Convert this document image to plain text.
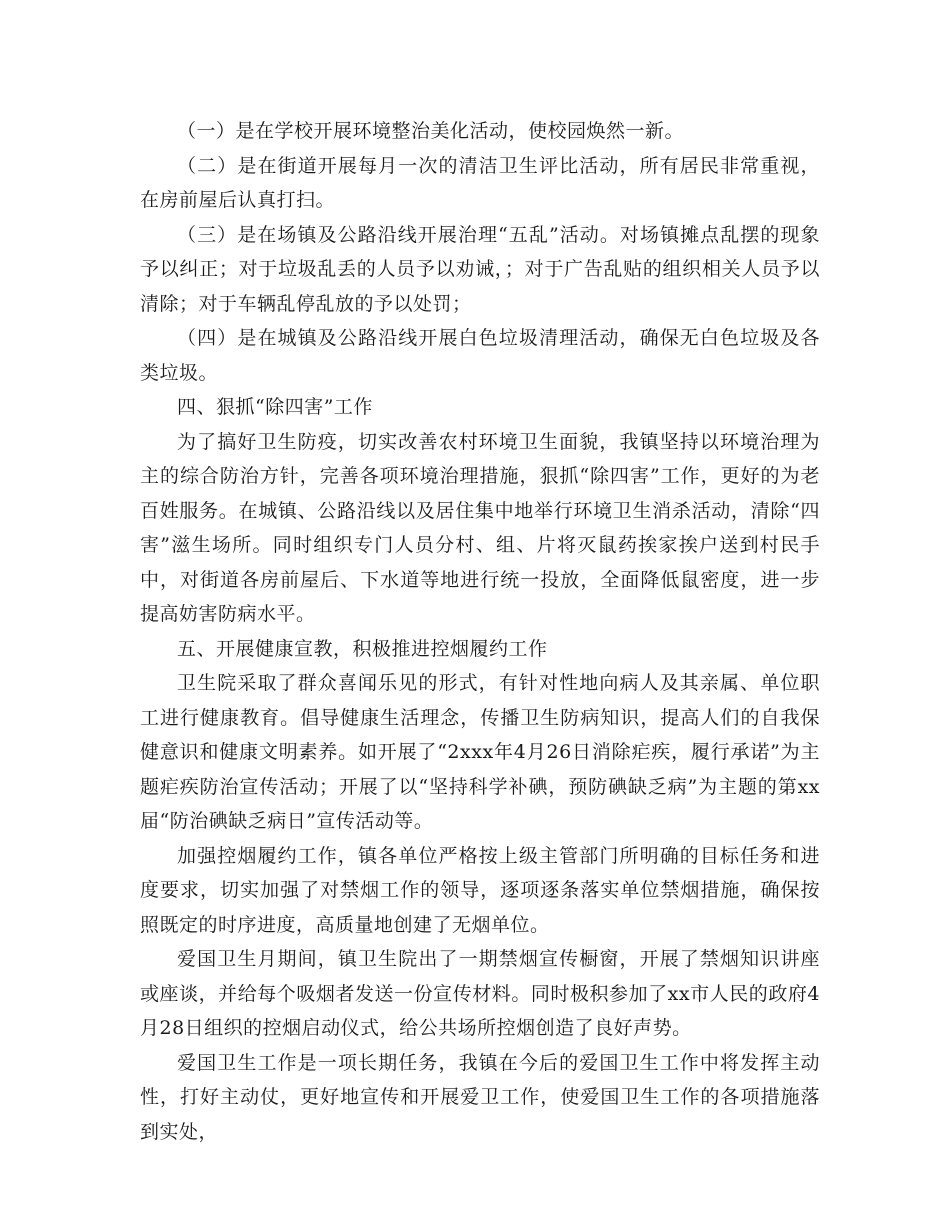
（一）是在学校开展环境整治美化活动，使校园焕然一新。

（二）是在街道开展每月一次的清洁卫生评比活动，所有居民非常重视，在房前屋后认真打扫。

（三）是在场镇及公路沿线开展治理“五乱”活动。对场镇摊点乱摆的现象予以纠正；对于垃圾乱丢的人员予以劝诫，；对于广告乱贴的组织相关人员予以清除；对于车辆乱停乱放的予以处罚；

（四）是在城镇及公路沿线开展白色垃圾清理活动，确保无白色垃圾及各类垃圾。

四、狠抓“除四害”工作

为了搞好卫生防疫，切实改善农村环境卫生面貌，我镇坚持以环境治理为主的综合防治方针，完善各项环境治理措施，狠抓“除四害”工作，更好的为老百姓服务。在城镇、公路沿线以及居住集中地举行环境卫生消杀活动，清除“四害”滋生场所。同时组织专门人员分村、组、片将灭鼠药挨家挨户送到村民手中，对街道各房前屋后、下水道等地进行统一投放，全面降低鼠密度，进一步提高妨害防病水平。

五、开展健康宣教，积极推进控烟履约工作

卫生院采取了群众喜闻乐见的形式，有针对性地向病人及其亲属、单位职工进行健康教育。倡导健康生活理念，传播卫生防病知识，提高人们的自我保健意识和健康文明素养。如开展了“2xxx年4月26日消除疟疾，履行承诺”为主题疟疾防治宣传活动；开展了以“坚持科学补碘，预防碘缺乏病”为主题的第xx届“防治碘缺乏病日”宣传活动等。

加强控烟履约工作，镇各单位严格按上级主管部门所明确的目标任务和进度要求，切实加强了对禁烟工作的领导，逐项逐条落实单位禁烟措施，确保按照既定的时序进度，高质量地创建了无烟单位。

爱国卫生月期间，镇卫生院出了一期禁烟宣传橱窗，开展了禁烟知识讲座或座谈，并给每个吸烟者发送一份宣传材料。同时极积参加了xx市人民的政府4月28日组织的控烟启动仪式，给公共场所控烟创造了良好声势。

爱国卫生工作是一项长期任务，我镇在今后的爱国卫生工作中将发挥主动性，打好主动仗，更好地宣传和开展爱卫工作，使爱国卫生工作的各项措施落到实处，
